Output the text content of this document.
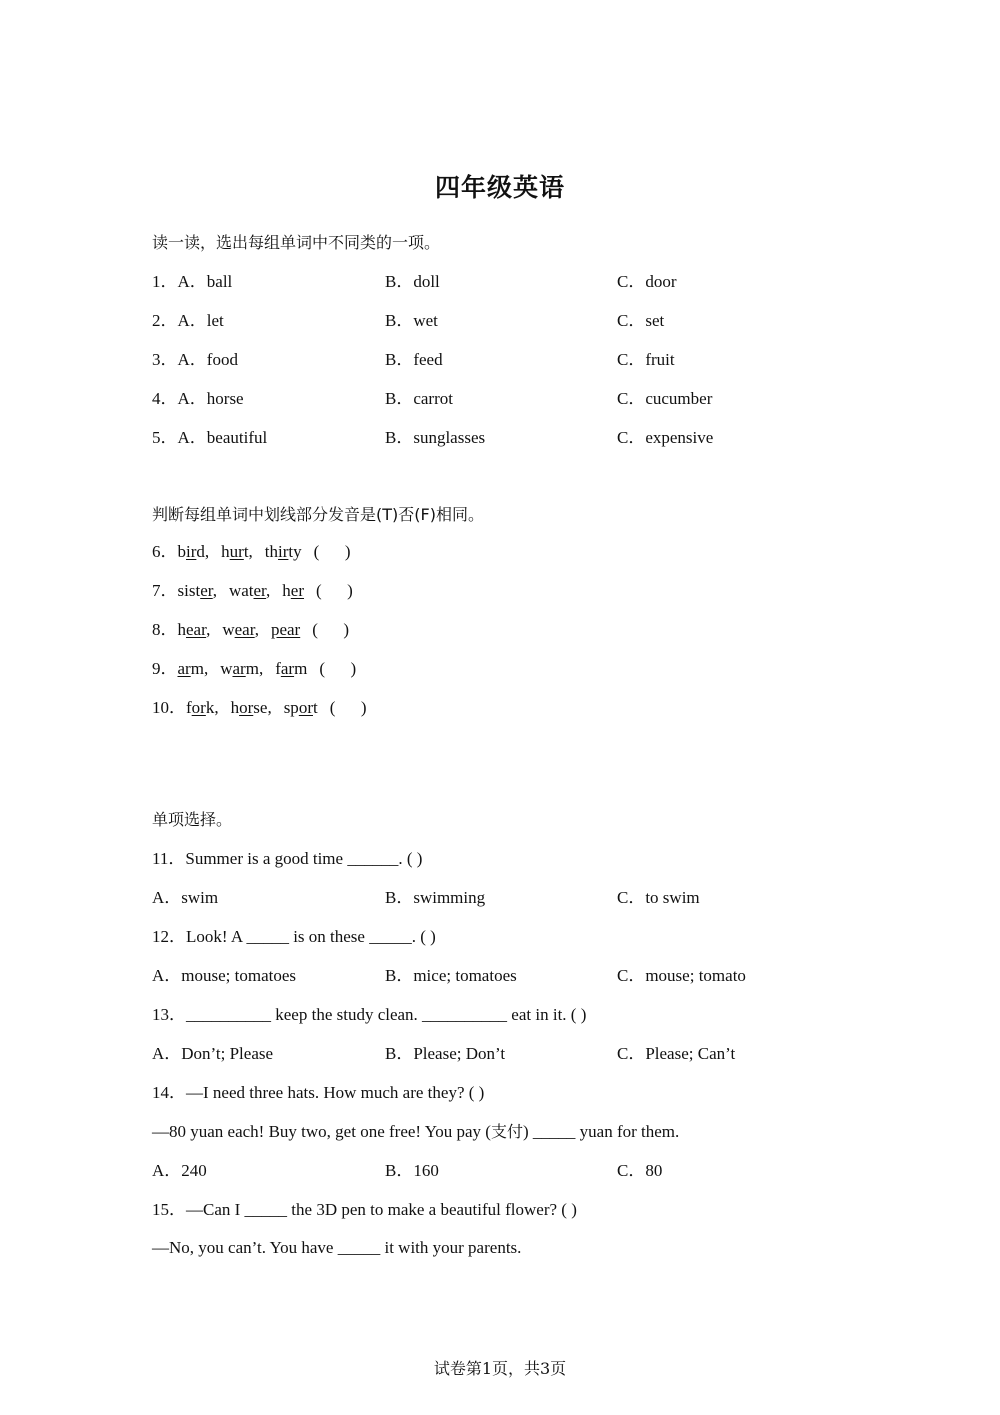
四年级英语
读一读，选出每组单词中不同类的一项。
1．A．ball	B．doll	C．door
2．A．let	B．wet	C．set
3．A．food	B．feed	C．fruit
4．A．horse	B．carrot	C．cucumber
5．A．beautiful	B．sunglasses	C．expensive
判断每组单词中划线部分发音是(T)否(F)相同。
6．bird, hurt, thirty (      )
7．sister, water, her (      )
8．hear, wear, pear (      )
9．arm, warm, farm (      )
10．fork, horse, sport (      )
单项选择。
11．Summer is a good time ______. ( )
A．swim	B．swimming	C．to swim
12．Look! A _____ is on these _____. ( )
A．mouse; tomatoes	B．mice; tomatoes	C．mouse; tomato
13．__________ keep the study clean. __________ eat in it. ( )
A．Don’t; Please	B．Please; Don’t	C．Please; Can’t
14．—I need three hats. How much are they? ( )
—80 yuan each! Buy two, get one free! You pay (支付) _____ yuan for them.
A．240	B．160	C．80
15．—Can I _____ the 3D pen to make a beautiful flower? ( )
—No, you can’t. You have _____ it with your parents.
试卷第1页，共3页
